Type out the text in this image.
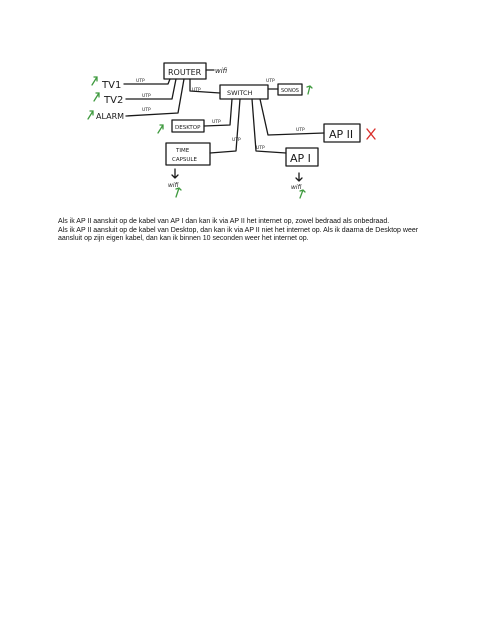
ROUTER wifi
TV1
TV2
ALARM
UTP
UTP
UTP
UTP	SWITCH
UTP
SONOS
DESKTOP
UTP
TIME
CAPSULE
UTP
wifi
UTP
AP I
wifi
UTP AP II

Als ik AP II aansluit op de kabel van AP I dan kan ik via AP II het internet op, zowel bedraad als onbedraad.

Als ik AP II aansluit op de kabel van Desktop, dan kan ik via AP II niet het internet op. Als ik daarna de Desktop weer aansluit op zijn eigen kabel, dan kan ik binnen 10 seconden weer het internet op.
